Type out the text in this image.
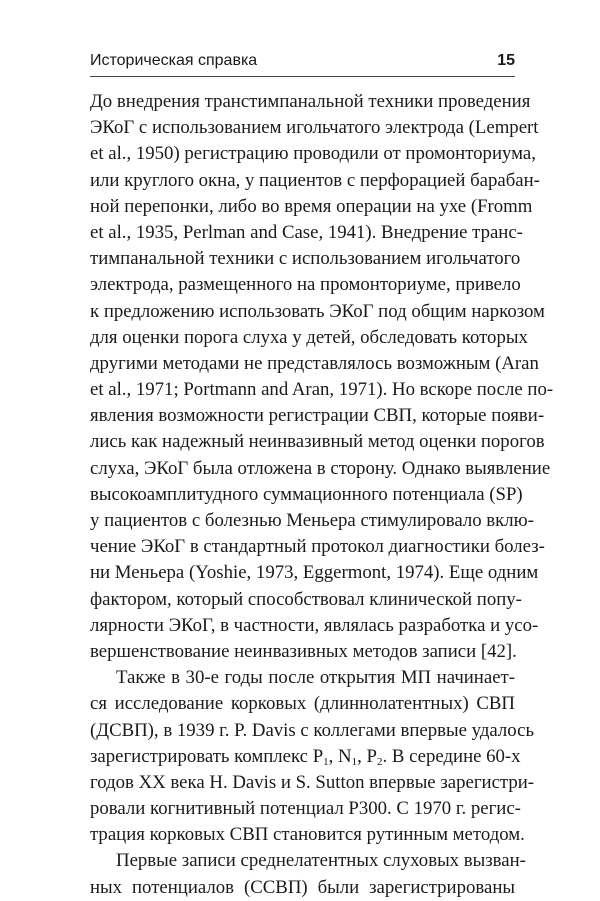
Историческая справка	15
До внедрения транстимпанальной техники проведения
ЭКоГ с использованием игольчатого электрода (Lempert
et al., 1950) регистрацию проводили от промонториума,
или круглого окна, у пациентов с перфорацией барабан-
ной перепонки, либо во время операции на ухе (Fromm
et al., 1935, Perlman and Case, 1941). Внедрение транс-
тимпанальной техники с использованием игольчатого
электрода, размещенного на промонториуме, привело
к предложению использовать ЭКоГ под общим наркозом
для оценки порога слуха у детей, обследовать которых
другими методами не представлялось возможным (Aran
et al., 1971; Portmann and Aran, 1971). Но вскоре после по-
явления возможности регистрации СВП, которые появи-
лись как надежный неинвазивный метод оценки порогов
слуха, ЭКоГ была отложена в сторону. Однако выявление
высокоамплитудного суммационного потенциала (SP)
у пациентов с болезнью Меньера стимулировало вклю-
чение ЭКоГ в стандартный протокол диагностики болез-
ни Меньера (Yoshie, 1973, Eggermont, 1974). Еще одним
фактором, который способствовал клинической попу-
лярности ЭКоГ, в частности, являлась разработка и усо-
вершенствование неинвазивных методов записи [42].
Также в 30-е годы после открытия МП начинает-
ся исследование корковых (длиннолатентных) СВП
(ДСВП), в 1939 г. P. Davis с коллегами впервые удалось
зарегистрировать комплекс $P_1$, $N_1$, $P_2$. В середине 60-х
годов XX века H. Davis и S. Sutton впервые зарегистри-
ровали когнитивный потенциал P300. С 1970 г. регис-
трация корковых СВП становится рутинным методом.
Первые записи среднелатентных слуховых вызван-
ных потенциалов (ССВП) были зарегистрированы
